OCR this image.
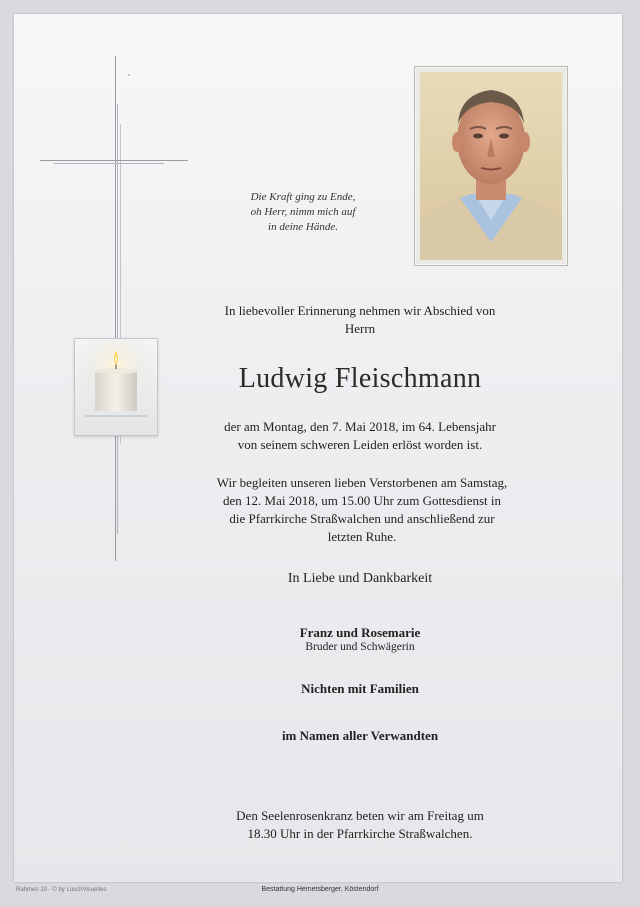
Die Kraft ging zu Ende,
oh Herr, nimm mich auf
in deine Hände.
In liebevoller Erinnerung nehmen wir Abschied von
Herrn
Ludwig Fleischmann
der am Montag, den 7. Mai 2018, im 64. Lebensjahr
von seinem schweren Leiden erlöst worden ist.
Wir begleiten unseren lieben Verstorbenen am Samstag,
den 12. Mai 2018, um 15.00 Uhr zum Gottesdienst in
die Pfarrkirche Straßwalchen und anschließend zur
letzten Ruhe.
In Liebe und Dankbarkeit
Franz und Rosemarie
Bruder und Schwägerin
Nichten mit Familien
im Namen aller Verwandten
Den Seelenrosenkranz beten wir am Freitag um
18.30 Uhr in der Pfarrkirche Straßwalchen.
Rahmen 10 - © by LüschVisuelles	Bestattung Hemetsberger, Köstendorf
